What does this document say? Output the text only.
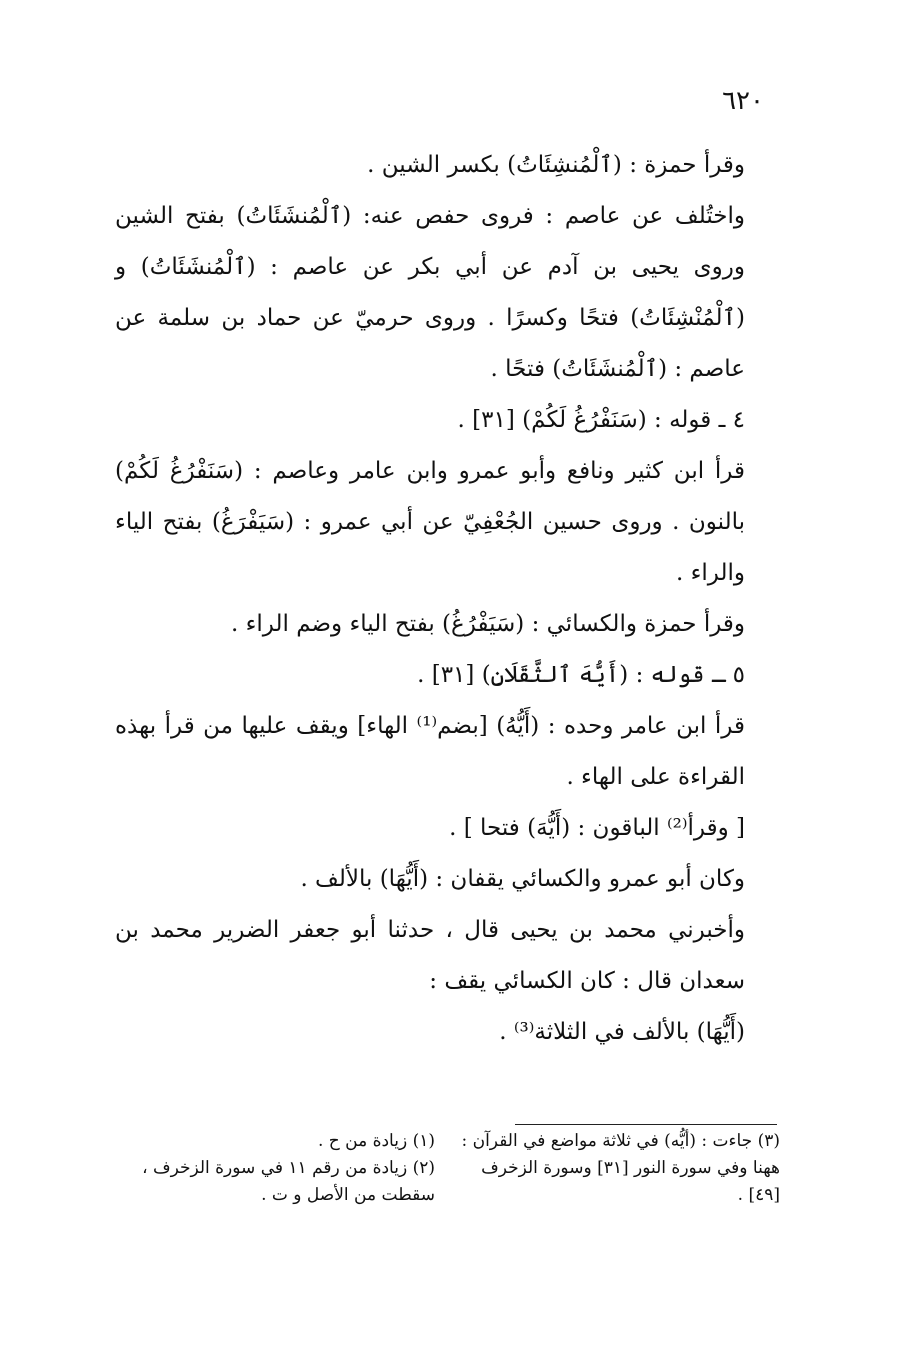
٦٢٠

وقرأ حمزة : (ٱلْمُنشِئَاتُ) بكسر الشين .

واختُلف عن عاصم : فروى حفص عنه: (ٱلْمُنشَئَاتُ) بفتح الشين وروى يحيى بن آدم عن أبي بكر عن عاصم : (ٱلْمُنشَئَاتُ) و (ٱلْمُنْشِئَاتُ) فتحًا وكسرًا . وروى حرميّ عن حماد بن سلمة عن عاصم : (ٱلْمُنشَئَاتُ) فتحًا .

٤ ـ قوله : (سَنَفْرُغُ لَكُمْ) [٣١] .

قرأ ابن كثير ونافع وأبو عمرو وابن عامر وعاصم : (سَنَفْرُغُ لَكُمْ) بالنون . وروى حسين الجُعْفِيّ عن أبي عمرو : (سَيَفْرَغُ) بفتح الياء والراء .

وقرأ حمزة والكسائي : (سَيَفْرُغُ) بفتح الياء وضم الراء .

٥ ـ قوله : (أَيُّهَ ٱلثَّقَلَانِ) [٣١] .

قرأ ابن عامر وحده : (أَيُّهُ) [بضم⁽¹⁾ الهاء] ويقف عليها من قرأ بهذه القراءة على الهاء .

[ وقرأ⁽²⁾ الباقون : (أَيُّهَ) فتحا ] .

وكان أبو عمرو والكسائي يقفان : (أَيُّهَا) بالألف .

وأخبرني محمد بن يحيى قال ، حدثنا أبو جعفر الضرير محمد بن سعدان قال : كان الكسائي يقف :

(أَيُّهَا) بالألف في الثلاثة⁽³⁾ .

(١) زيادة من ح .

(٢) زيادة من رقم ١١ في سورة الزخرف ، سقطت من الأصل و ت .

(٣) جاءت : (أيُّه) في ثلاثة مواضع في القرآن : ههنا وفي سورة النور [٣١] وسورة الزخرف [٤٩] .
